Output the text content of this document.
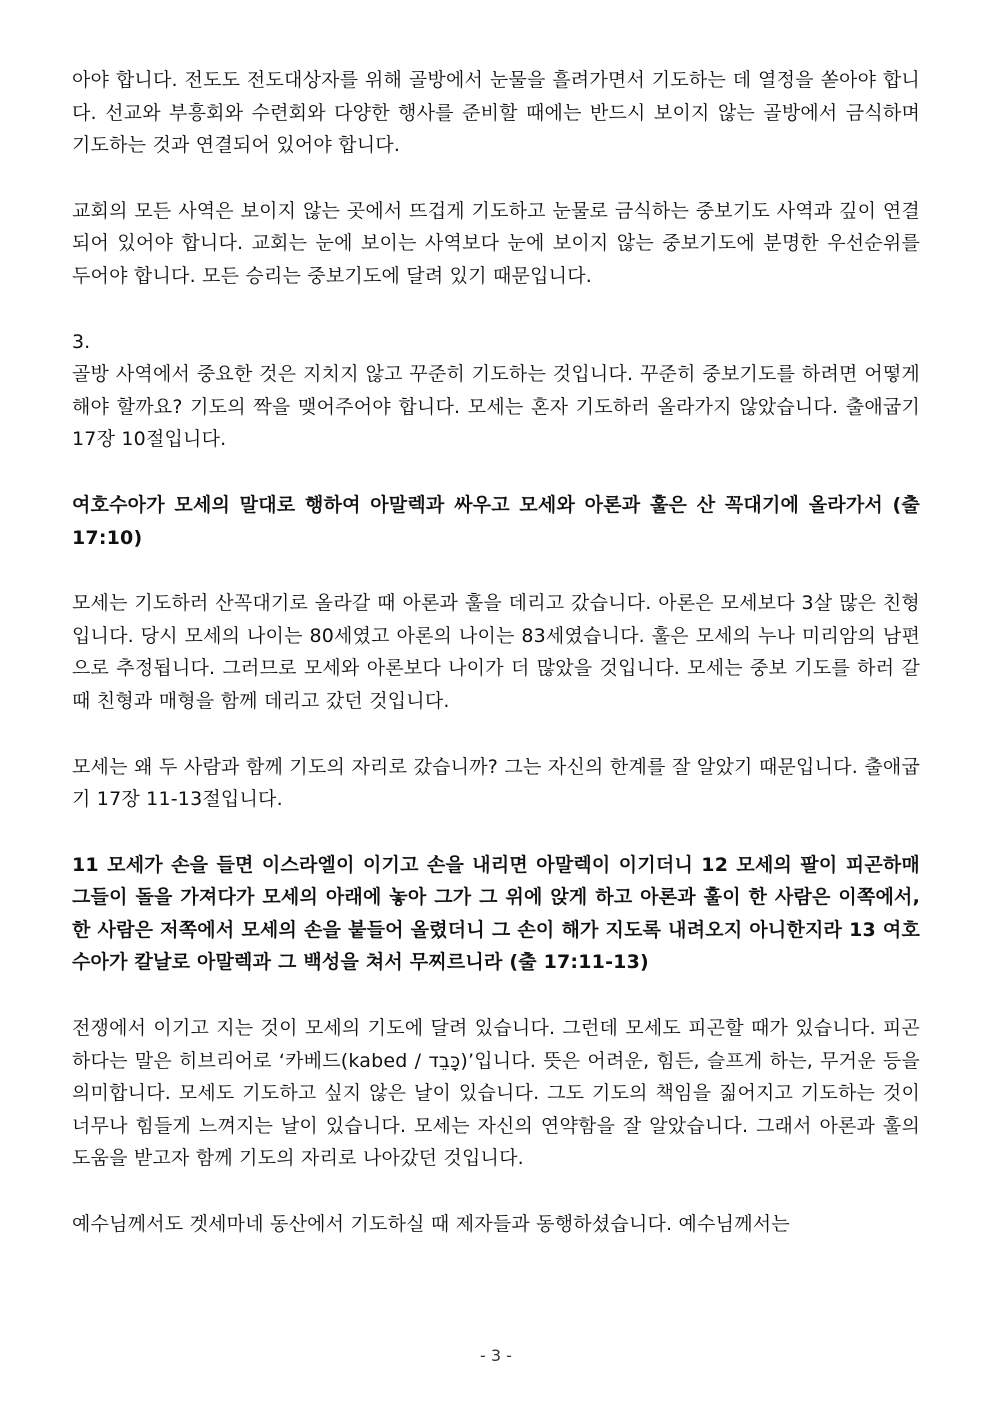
아야 합니다. 전도도 전도대상자를 위해 골방에서 눈물을 흘려가면서 기도하는 데 열정을 쏟아야 합니다. 선교와 부흥회와 수련회와 다양한 행사를 준비할 때에는 반드시 보이지 않는 골방에서 금식하며 기도하는 것과 연결되어 있어야 합니다.

교회의 모든 사역은 보이지 않는 곳에서 뜨겁게 기도하고 눈물로 금식하는 중보기도 사역과 깊이 연결되어 있어야 합니다. 교회는 눈에 보이는 사역보다 눈에 보이지 않는 중보기도에 분명한 우선순위를 두어야 합니다. 모든 승리는 중보기도에 달려 있기 때문입니다.

3.

골방 사역에서 중요한 것은 지치지 않고 꾸준히 기도하는 것입니다. 꾸준히 중보기도를 하려면 어떻게 해야 할까요? 기도의 짝을 맺어주어야 합니다. 모세는 혼자 기도하러 올라가지 않았습니다. 출애굽기 17장 10절입니다.

여호수아가 모세의 말대로 행하여 아말렉과 싸우고 모세와 아론과 훌은 산 꼭대기에 올라가서 (출 17:10)

모세는 기도하러 산꼭대기로 올라갈 때 아론과 훌을 데리고 갔습니다. 아론은 모세보다 3살 많은 친형입니다. 당시 모세의 나이는 80세였고 아론의 나이는 83세였습니다. 훌은 모세의 누나 미리암의 남편으로 추정됩니다. 그러므로 모세와 아론보다 나이가 더 많았을 것입니다. 모세는 중보 기도를 하러 갈 때 친형과 매형을 함께 데리고 갔던 것입니다.

모세는 왜 두 사람과 함께 기도의 자리로 갔습니까? 그는 자신의 한계를 잘 알았기 때문입니다. 출애굽기 17장 11-13절입니다.

11 모세가 손을 들면 이스라엘이 이기고 손을 내리면 아말렉이 이기더니 12 모세의 팔이 피곤하매 그들이 돌을 가져다가 모세의 아래에 놓아 그가 그 위에 앉게 하고 아론과 훌이 한 사람은 이쪽에서, 한 사람은 저쪽에서 모세의 손을 붙들어 올렸더니 그 손이 해가 지도록 내려오지 아니한지라 13 여호수아가 칼날로 아말렉과 그 백성을 쳐서 무찌르니라 (출 17:11-13)

전쟁에서 이기고 지는 것이 모세의 기도에 달려 있습니다. 그런데 모세도 피곤할 때가 있습니다. 피곤하다는 말은 히브리어로 ‘카베드(kabed / כָּבֵד)’입니다. 뜻은 어려운, 힘든, 슬프게 하는, 무거운 등을 의미합니다. 모세도 기도하고 싶지 않은 날이 있습니다. 그도 기도의 책임을 짊어지고 기도하는 것이 너무나 힘들게 느껴지는 날이 있습니다. 모세는 자신의 연약함을 잘 알았습니다. 그래서 아론과 훌의 도움을 받고자 함께 기도의 자리로 나아갔던 것입니다.

예수님께서도 겟세마네 동산에서 기도하실 때 제자들과 동행하셨습니다. 예수님께서는

- 3 -
